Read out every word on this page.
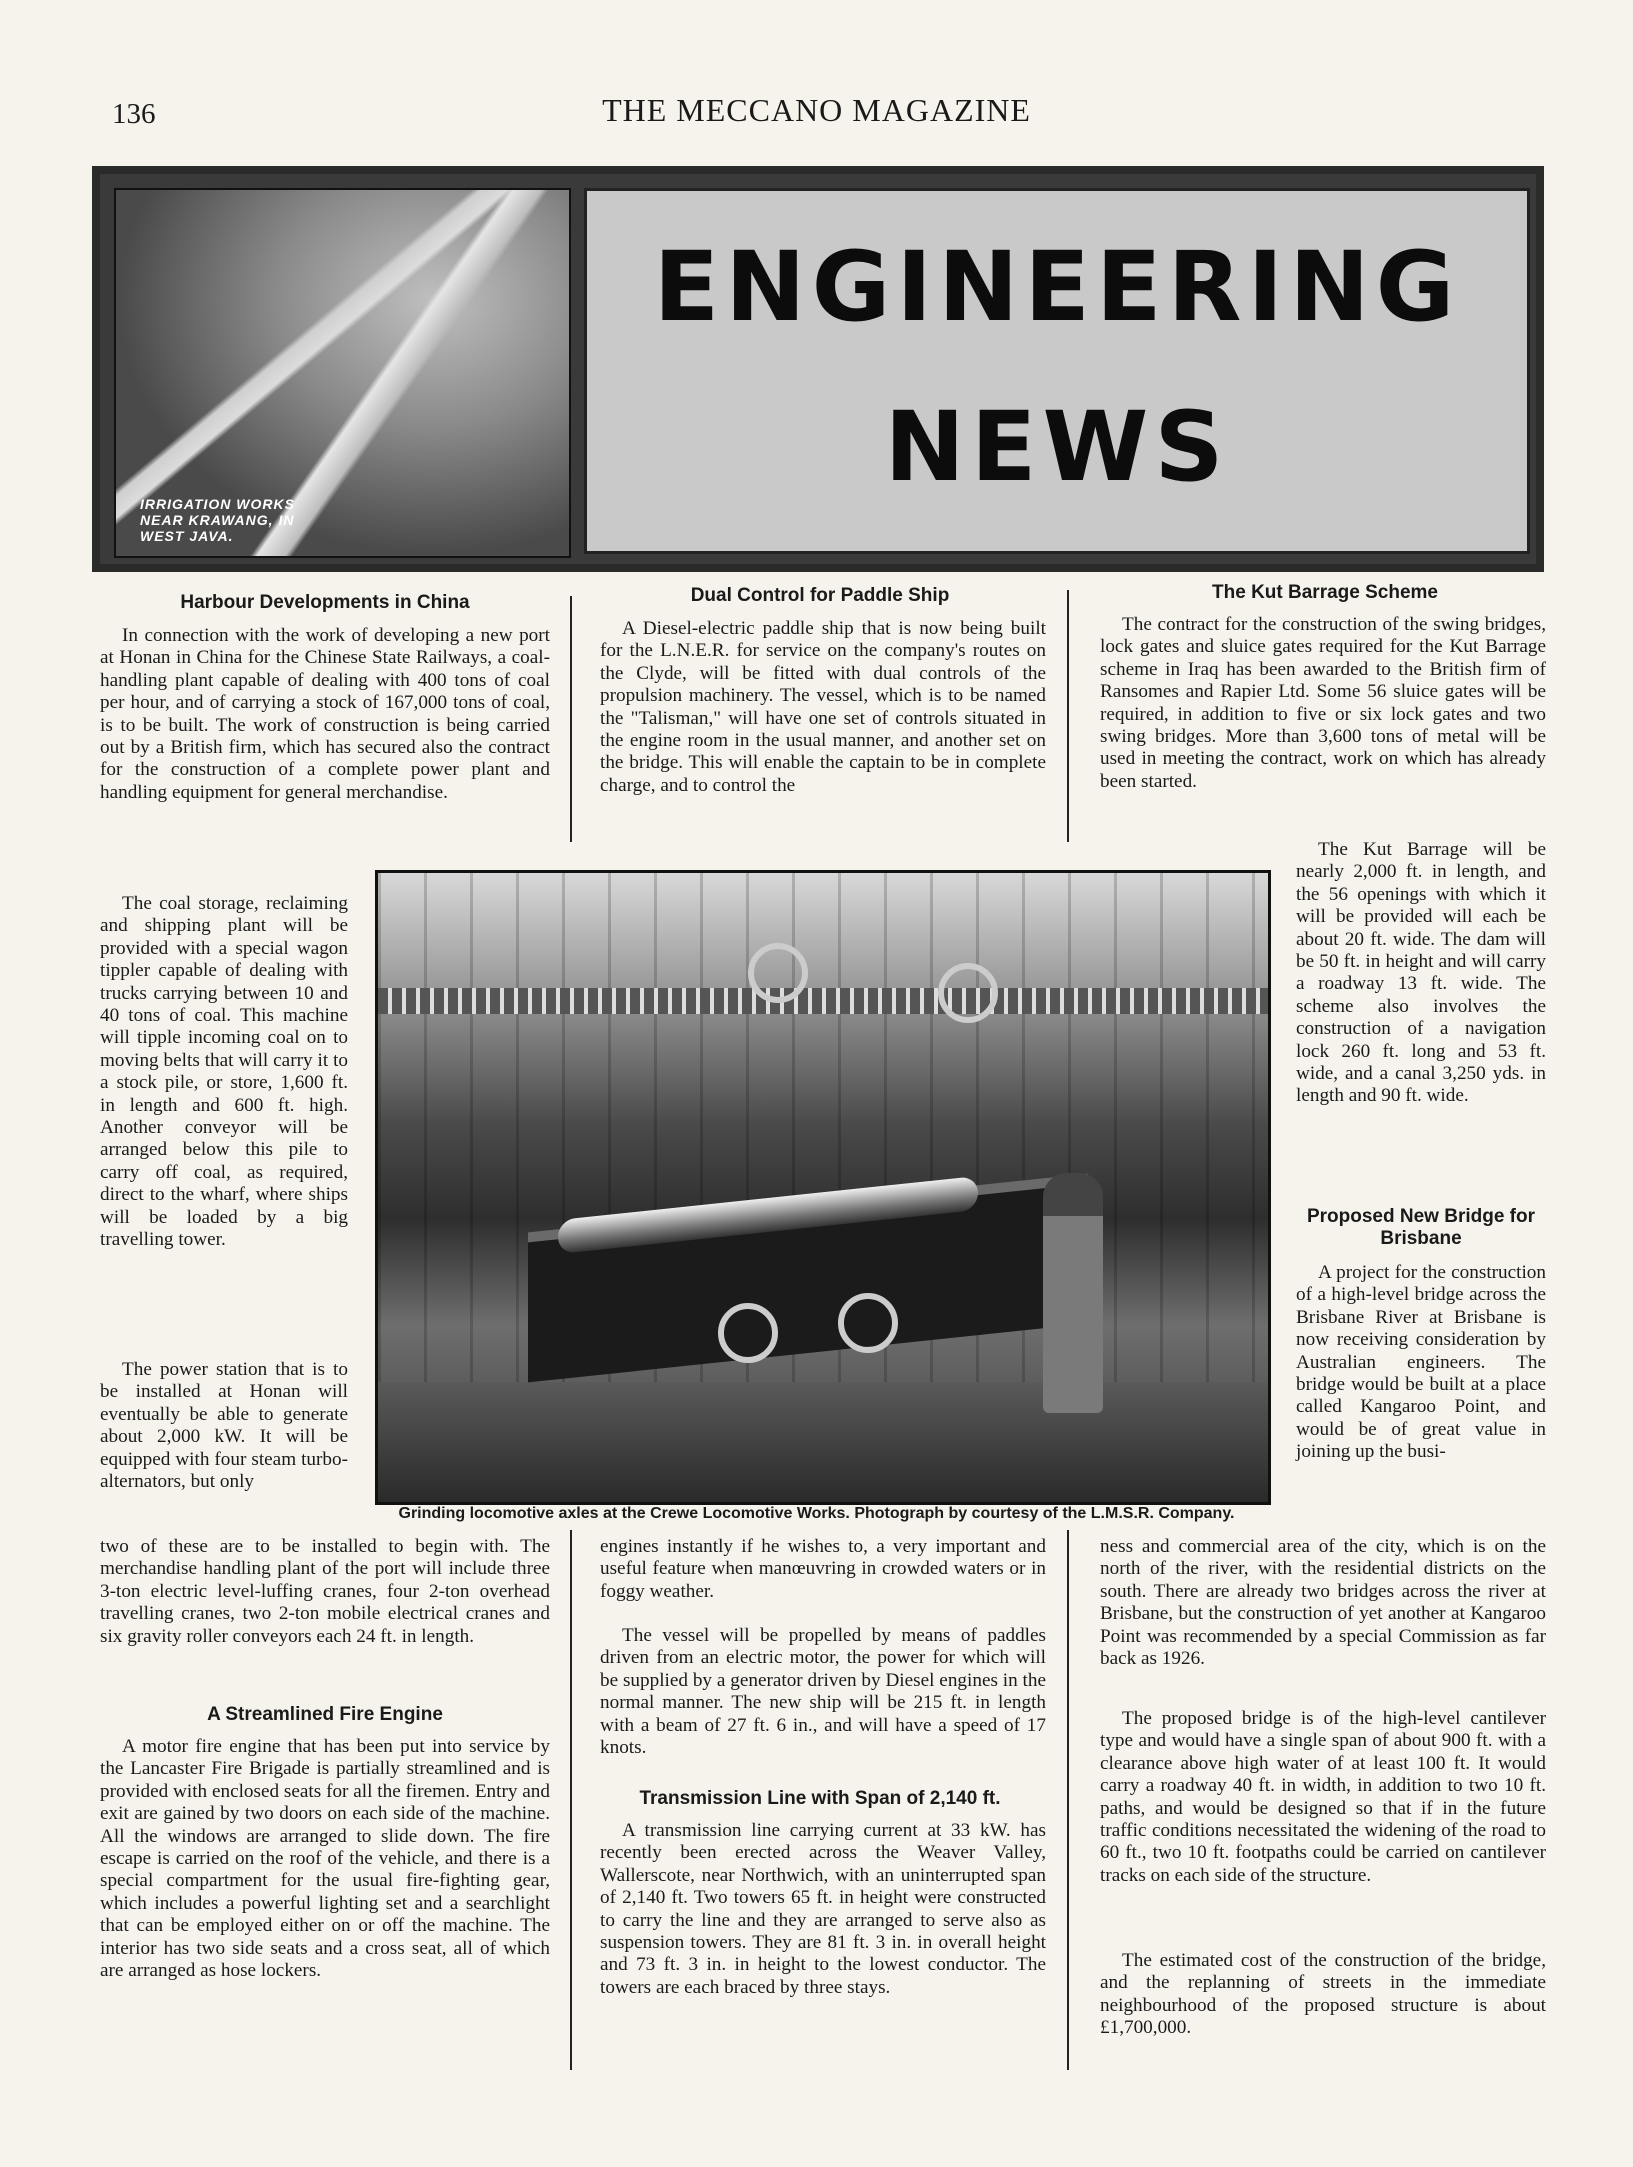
136	THE MECCANO MAGAZINE
IRRIGATION WORKS
NEAR KRAWANG, IN
WEST JAVA.
ENGINEERING
NEWS
Harbour Developments in China
In connection with the work of developing a new port at Honan in China for the Chinese State Railways, a coal-handling plant capable of dealing with 400 tons of coal per hour, and of carrying a stock of 167,000 tons of coal, is to be built. The work of construction is being carried out by a British firm, which has secured also the contract for the construction of a complete power plant and handling equipment for general merchandise.
The coal storage, reclaiming and shipping plant will be provided with a special wagon tippler capable of dealing with trucks carrying between 10 and 40 tons of coal. This machine will tipple incoming coal on to moving belts that will carry it to a stock pile, or store, 1,600 ft. in length and 600 ft. high. Another conveyor will be arranged below this pile to carry off coal, as required, direct to the wharf, where ships will be loaded by a big travelling tower.
The power station that is to be installed at Honan will eventually be able to generate about 2,000 kW. It will be equipped with four steam turbo-alternators, but only
two of these are to be installed to begin with. The merchandise handling plant of the port will include three 3-ton electric level-luffing cranes, four 2-ton overhead travelling cranes, two 2-ton mobile electrical cranes and six gravity roller conveyors each 24 ft. in length.
A Streamlined Fire Engine
A motor fire engine that has been put into service by the Lancaster Fire Brigade is partially streamlined and is provided with enclosed seats for all the firemen. Entry and exit are gained by two doors on each side of the machine. All the windows are arranged to slide down. The fire escape is carried on the roof of the vehicle, and there is a special compartment for the usual fire-fighting gear, which includes a powerful lighting set and a searchlight that can be employed either on or off the machine. The interior has two side seats and a cross seat, all of which are arranged as hose lockers.
Dual Control for Paddle Ship
A Diesel-electric paddle ship that is now being built for the L.N.E.R. for service on the company's routes on the Clyde, will be fitted with dual controls of the propulsion machinery. The vessel, which is to be named the "Talisman," will have one set of controls situated in the engine room in the usual manner, and another set on the bridge. This will enable the captain to be in complete charge, and to control the
engines instantly if he wishes to, a very important and useful feature when manœuvring in crowded waters or in foggy weather.
The vessel will be propelled by means of paddles driven from an electric motor, the power for which will be supplied by a generator driven by Diesel engines in the normal manner. The new ship will be 215 ft. in length with a beam of 27 ft. 6 in., and will have a speed of 17 knots.
Transmission Line with Span of 2,140 ft.
A transmission line carrying current at 33 kW. has recently been erected across the Weaver Valley, Wallerscote, near Northwich, with an uninterrupted span of 2,140 ft. Two towers 65 ft. in height were constructed to carry the line and they are arranged to serve also as suspension towers. They are 81 ft. 3 in. in overall height and 73 ft. 3 in. in height to the lowest conductor. The towers are each braced by three stays.
The Kut Barrage Scheme
The contract for the construction of the swing bridges, lock gates and sluice gates required for the Kut Barrage scheme in Iraq has been awarded to the British firm of Ransomes and Rapier Ltd. Some 56 sluice gates will be required, in addition to five or six lock gates and two swing bridges. More than 3,600 tons of metal will be used in meeting the contract, work on which has already been started.
The Kut Barrage will be nearly 2,000 ft. in length, and the 56 openings with which it will be provided will each be about 20 ft. wide. The dam will be 50 ft. in height and will carry a roadway 13 ft. wide. The scheme also involves the construction of a navigation lock 260 ft. long and 53 ft. wide, and a canal 3,250 yds. in length and 90 ft. wide.
Proposed New Bridge for Brisbane
A project for the construction of a high-level bridge across the Brisbane River at Brisbane is now receiving consideration by Australian engineers. The bridge would be built at a place called Kangaroo Point, and would be of great value in joining up the busi-
ness and commercial area of the city, which is on the north of the river, with the residential districts on the south. There are already two bridges across the river at Brisbane, but the construction of yet another at Kangaroo Point was recommended by a special Commission as far back as 1926.
The proposed bridge is of the high-level cantilever type and would have a single span of about 900 ft. with a clearance above high water of at least 100 ft. It would carry a roadway 40 ft. in width, in addition to two 10 ft. paths, and would be designed so that if in the future traffic conditions necessitated the widening of the road to 60 ft., two 10 ft. footpaths could be carried on cantilever tracks on each side of the structure.
The estimated cost of the construction of the bridge, and the replanning of streets in the immediate neighbourhood of the proposed structure is about £1,700,000.
Grinding locomotive axles at the Crewe Locomotive Works. Photograph by courtesy of the L.M.S.R. Company.
